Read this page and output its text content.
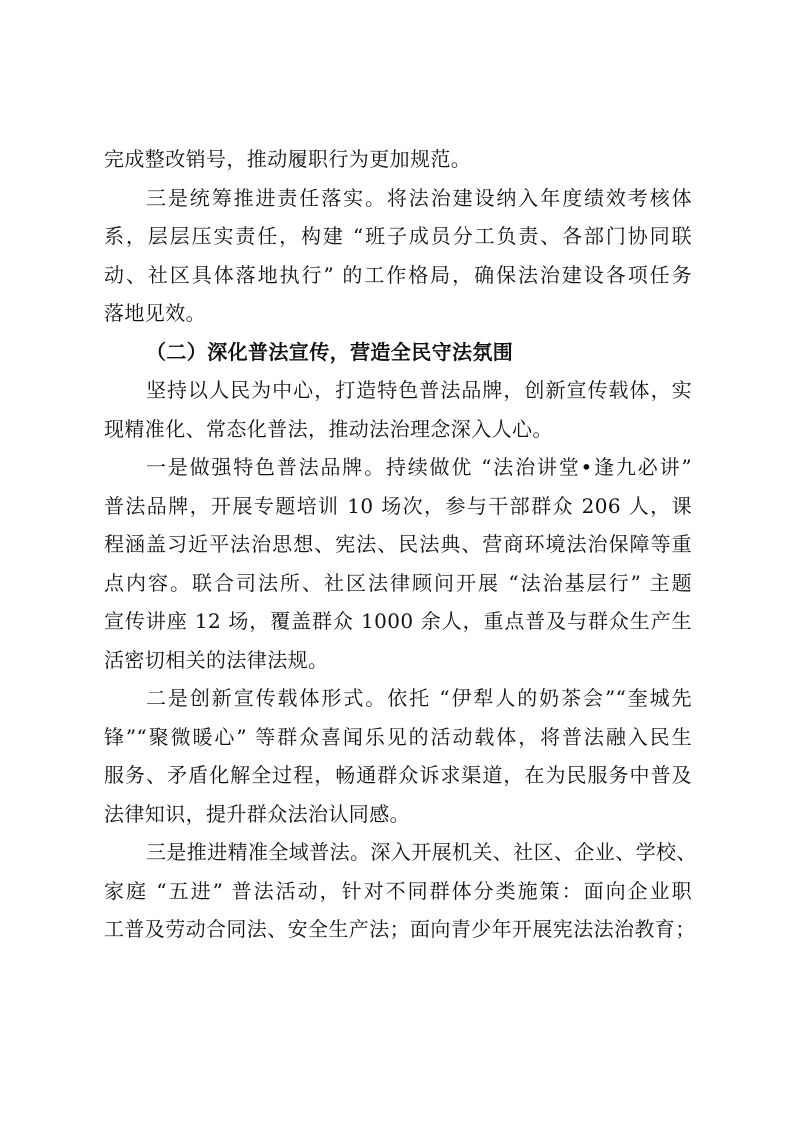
完成整改销号，推动履职行为更加规范。
三是统筹推进责任落实。将法治建设纳入年度绩效考核体
系，层层压实责任，构建 “班子成员分工负责、各部门协同联
动、社区具体落地执行” 的工作格局，确保法治建设各项任务
落地见效。
（二）深化普法宣传，营造全民守法氛围
坚持以人民为中心，打造特色普法品牌，创新宣传载体，实
现精准化、常态化普法，推动法治理念深入人心。
一是做强特色普法品牌。持续做优 “法治讲堂•逢九必讲”
普法品牌，开展专题培训 10 场次，参与干部群众 206 人，课
程涵盖习近平法治思想、宪法、民法典、营商环境法治保障等重
点内容。联合司法所、社区法律顾问开展 “法治基层行” 主题
宣传讲座 12 场，覆盖群众 1000 余人，重点普及与群众生产生
活密切相关的法律法规。
二是创新宣传载体形式。依托 “伊犁人的奶茶会”“奎城先
锋”“聚微暖心” 等群众喜闻乐见的活动载体，将普法融入民生
服务、矛盾化解全过程，畅通群众诉求渠道，在为民服务中普及
法律知识，提升群众法治认同感。
三是推进精准全域普法。深入开展机关、社区、企业、学校、
家庭 “五进” 普法活动，针对不同群体分类施策：面向企业职
工普及劳动合同法、安全生产法；面向青少年开展宪法法治教育；
